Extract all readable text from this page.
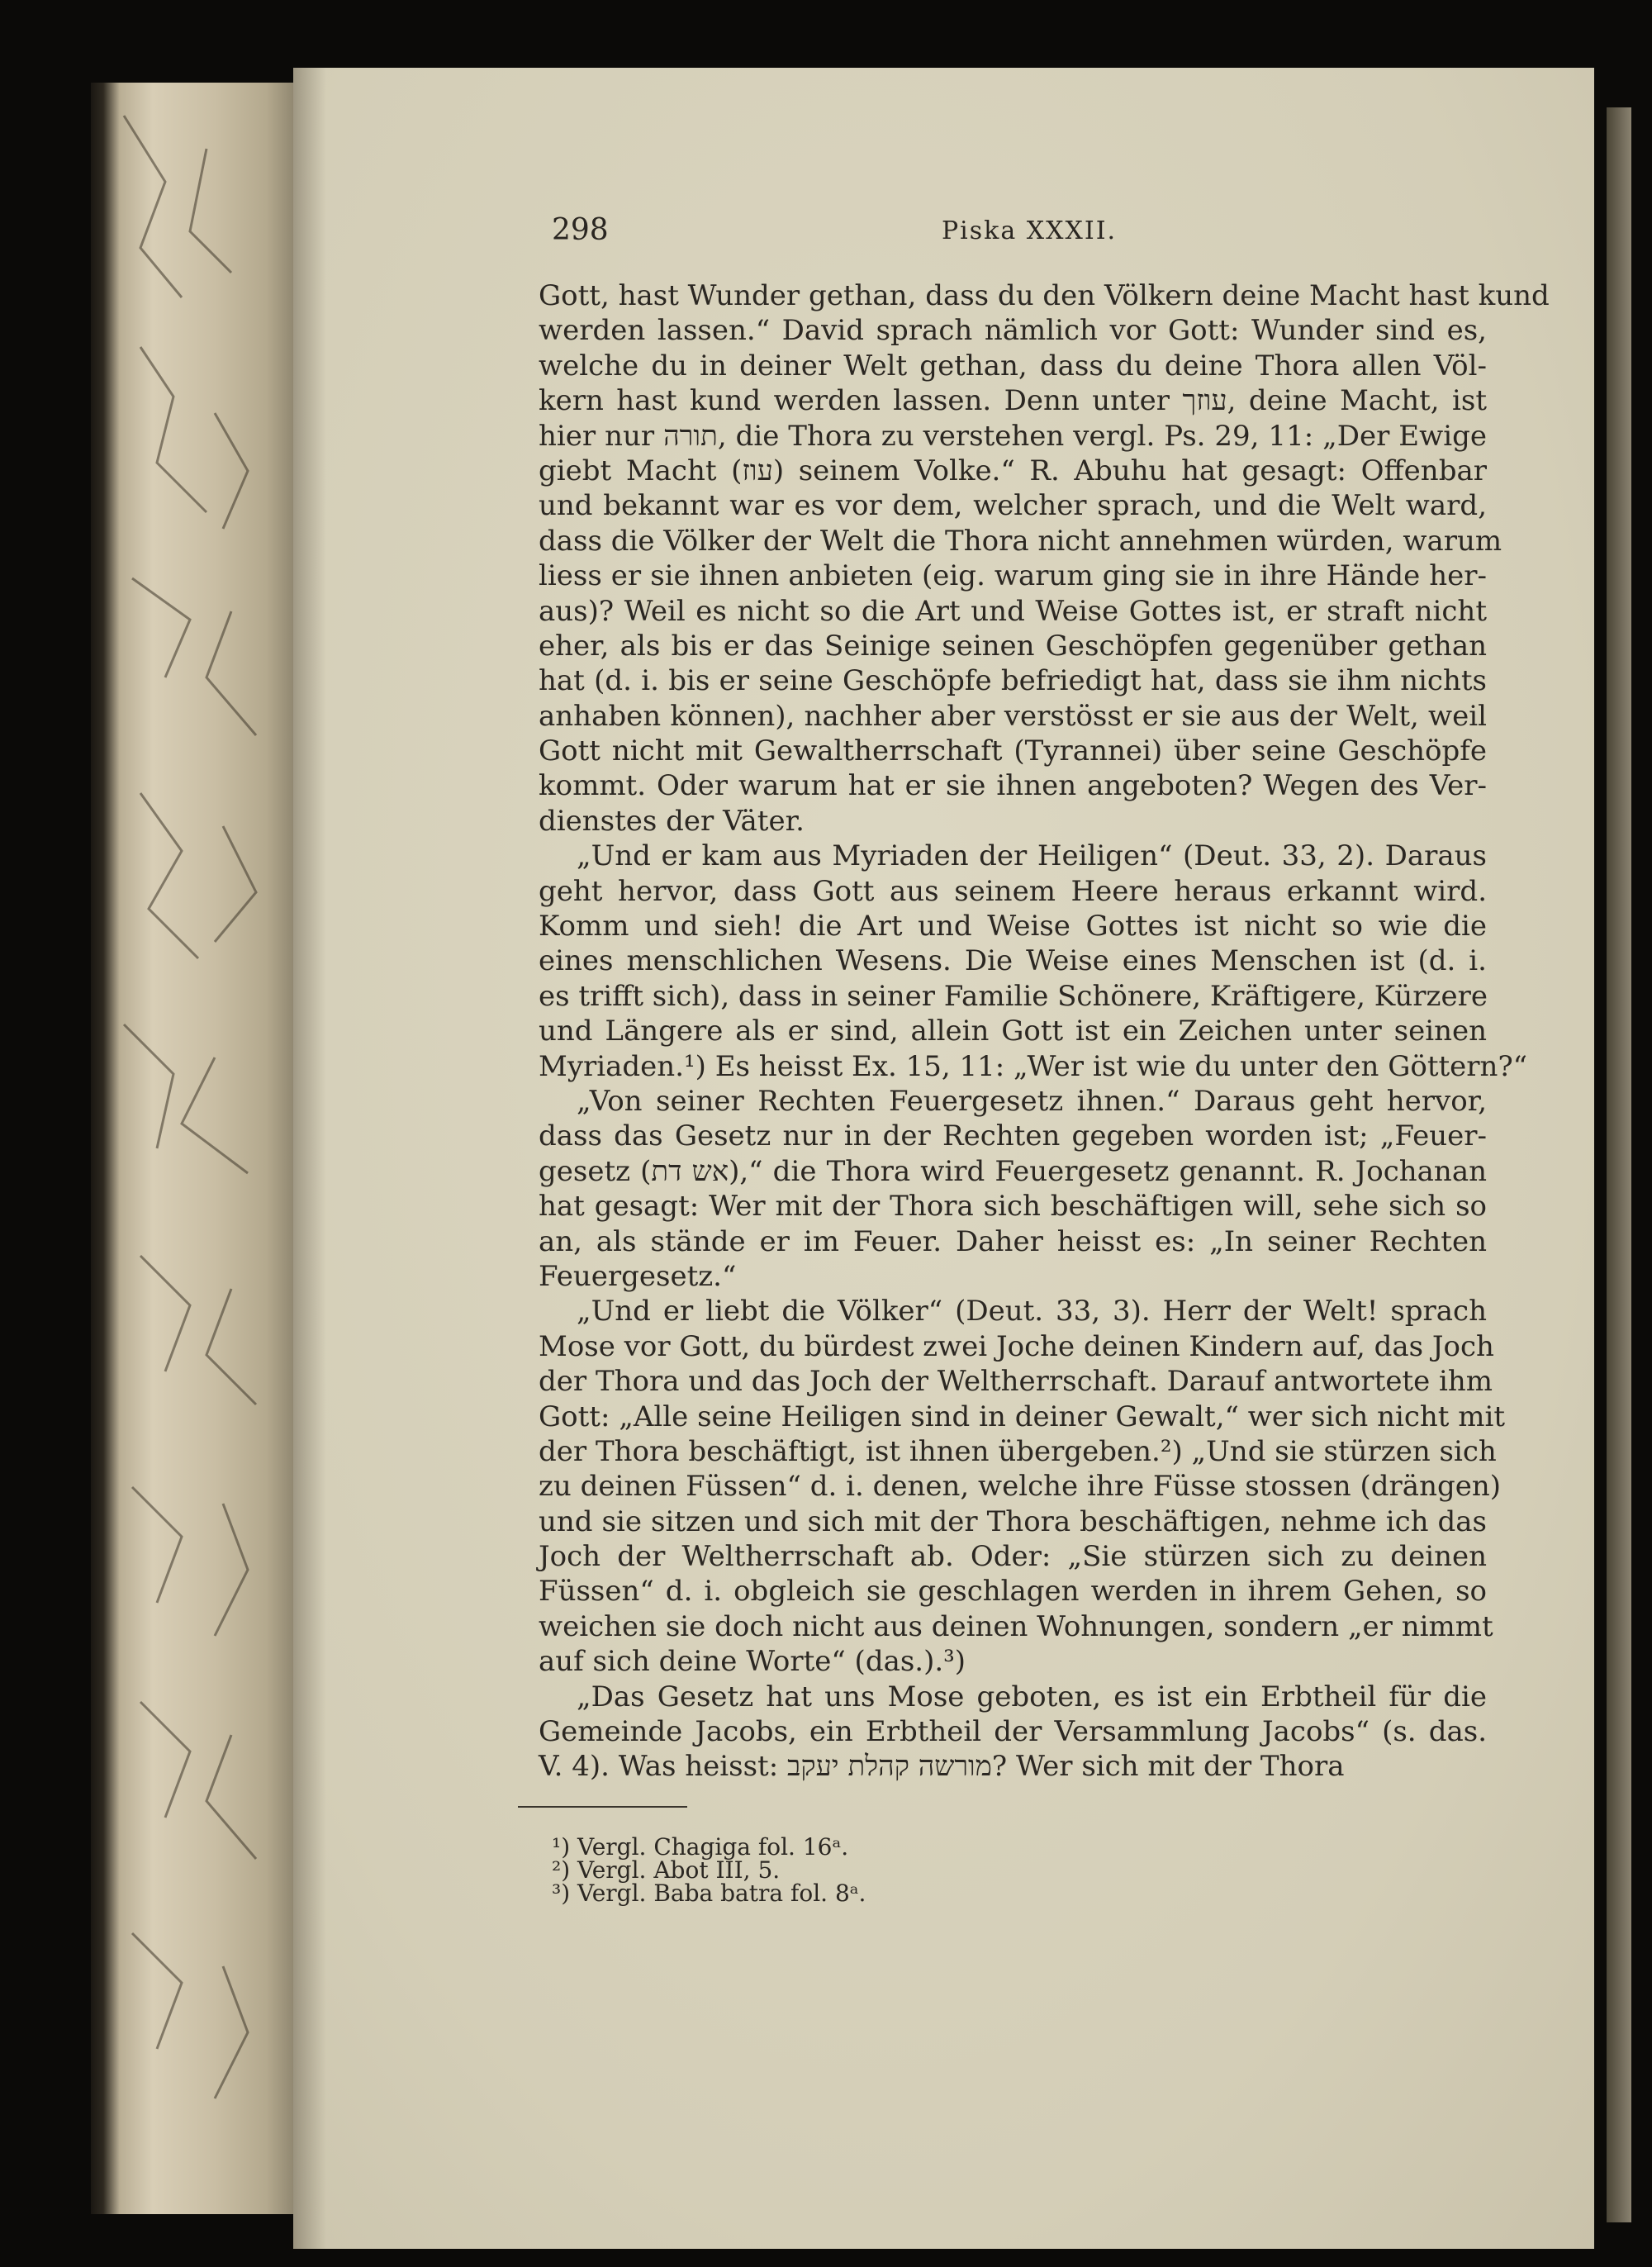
298	Piska XXXII.
Gott, hast Wunder gethan, dass du den Völkern deine Macht hast kund
werden lassen.“ David sprach nämlich vor Gott: Wunder sind es,
welche du in deiner Welt gethan, dass du deine Thora allen Völ-
kern hast kund werden lassen. Denn unter עוזך, deine Macht, ist
hier nur תורה, die Thora zu verstehen vergl. Ps. 29, 11: „Der Ewige
giebt Macht (עוז) seinem Volke.“ R. Abuhu hat gesagt: Offenbar
und bekannt war es vor dem, welcher sprach, und die Welt ward,
dass die Völker der Welt die Thora nicht annehmen würden, warum
liess er sie ihnen anbieten (eig. warum ging sie in ihre Hände her-
aus)? Weil es nicht so die Art und Weise Gottes ist, er straft nicht
eher, als bis er das Seinige seinen Geschöpfen gegenüber gethan
hat (d. i. bis er seine Geschöpfe befriedigt hat, dass sie ihm nichts
anhaben können), nachher aber verstösst er sie aus der Welt, weil
Gott nicht mit Gewaltherrschaft (Tyrannei) über seine Geschöpfe
kommt. Oder warum hat er sie ihnen angeboten? Wegen des Ver-
dienstes der Väter.
„Und er kam aus Myriaden der Heiligen“ (Deut. 33, 2). Daraus
geht hervor, dass Gott aus seinem Heere heraus erkannt wird.
Komm und sieh! die Art und Weise Gottes ist nicht so wie die
eines menschlichen Wesens. Die Weise eines Menschen ist (d. i.
es trifft sich), dass in seiner Familie Schönere, Kräftigere, Kürzere
und Längere als er sind, allein Gott ist ein Zeichen unter seinen
Myriaden.¹) Es heisst Ex. 15, 11: „Wer ist wie du unter den Göttern?“
„Von seiner Rechten Feuergesetz ihnen.“ Daraus geht hervor,
dass das Gesetz nur in der Rechten gegeben worden ist; „Feuer-
gesetz (אש דת),“ die Thora wird Feuergesetz genannt. R. Jochanan
hat gesagt: Wer mit der Thora sich beschäftigen will, sehe sich so
an, als stände er im Feuer. Daher heisst es: „In seiner Rechten
Feuergesetz.“
„Und er liebt die Völker“ (Deut. 33, 3). Herr der Welt! sprach
Mose vor Gott, du bürdest zwei Joche deinen Kindern auf, das Joch
der Thora und das Joch der Weltherrschaft. Darauf antwortete ihm
Gott: „Alle seine Heiligen sind in deiner Gewalt,“ wer sich nicht mit
der Thora beschäftigt, ist ihnen übergeben.²) „Und sie stürzen sich
zu deinen Füssen“ d. i. denen, welche ihre Füsse stossen (drängen)
und sie sitzen und sich mit der Thora beschäftigen, nehme ich das
Joch der Weltherrschaft ab. Oder: „Sie stürzen sich zu deinen
Füssen“ d. i. obgleich sie geschlagen werden in ihrem Gehen, so
weichen sie doch nicht aus deinen Wohnungen, sondern „er nimmt
auf sich deine Worte“ (das.).³)
„Das Gesetz hat uns Mose geboten, es ist ein Erbtheil für die
Gemeinde Jacobs, ein Erbtheil der Versammlung Jacobs“ (s. das.
V. 4). Was heisst: מורשה קהלת יעקב? Wer sich mit der Thora
¹) Vergl. Chagiga fol. 16ᵃ.
²) Vergl. Abot III, 5.
³) Vergl. Baba batra fol. 8ᵃ.
